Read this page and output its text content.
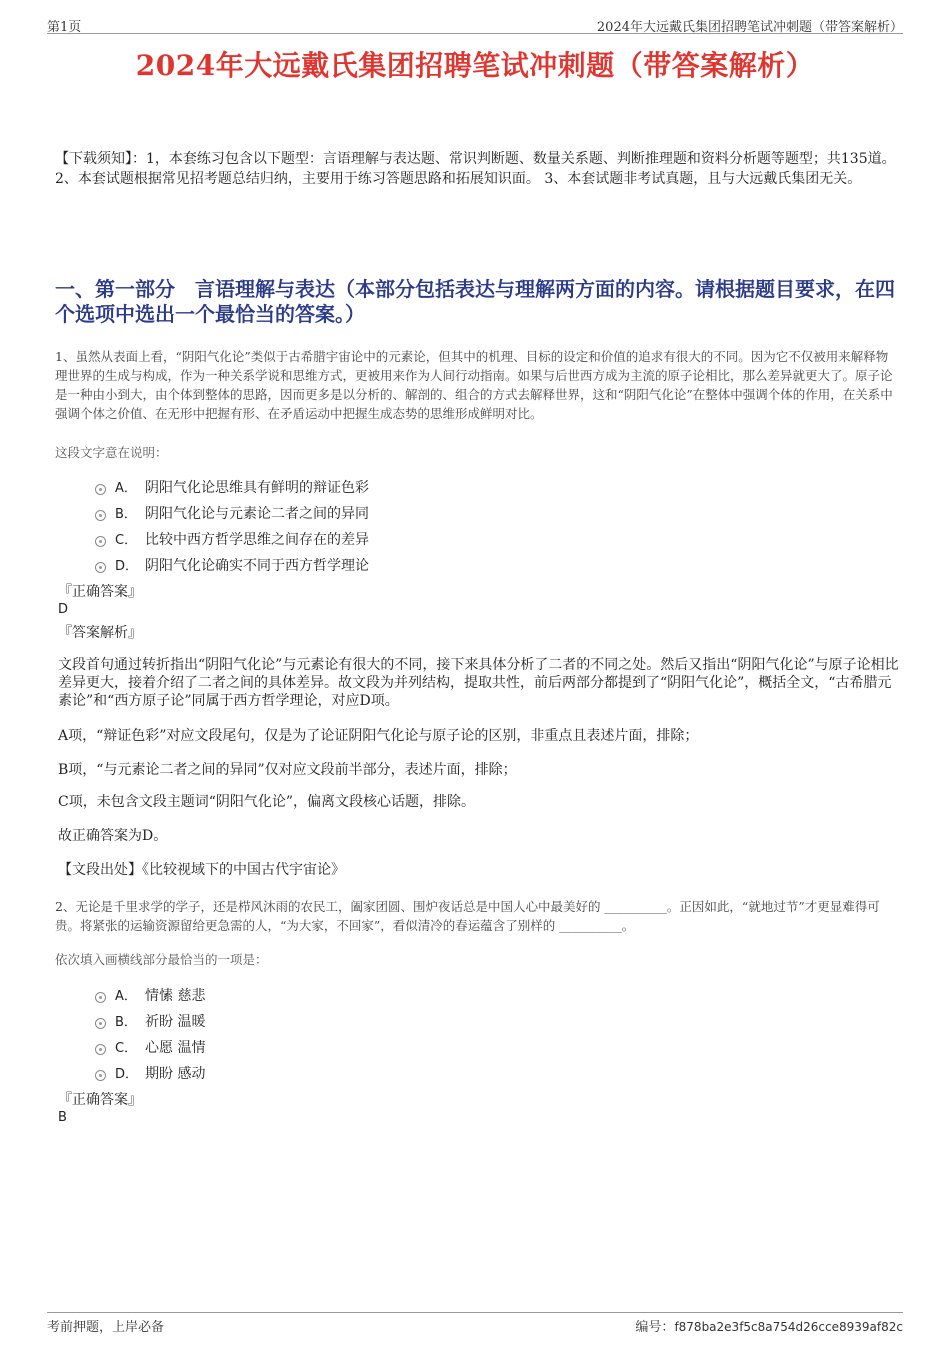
第1页	2024年大远戴氏集团招聘笔试冲刺题（带答案解析）
2024年大远戴氏集团招聘笔试冲刺题（带答案解析）

【下载须知】：1，本套练习包含以下题型：言语理解与表达题、常识判断题、数量关系题、判断推理题和资料分析题等题型；共135道。 2、本套试题根据常见招考题总结归纳，主要用于练习答题思路和拓展知识面。 3、本套试题非考试真题，且与大远戴氏集团无关。

一、第一部分　言语理解与表达（本部分包括表达与理解两方面的内容。请根据题目要求，在四个选项中选出一个最恰当的答案。）

1、虽然从表面上看，“阴阳气化论”类似于古希腊宇宙论中的元素论，但其中的机理、目标的设定和价值的追求有很大的不同。因为它不仅被用来解释物理世界的生成与构成，作为一种关系学说和思维方式，更被用来作为人间行动指南。如果与后世西方成为主流的原子论相比，那么差异就更大了。原子论是一种由小到大，由个体到整体的思路，因而更多是以分析的、解剖的、组合的方式去解释世界，这和“阴阳气化论”在整体中强调个体的作用，在关系中强调个体之价值、在无形中把握有形、在矛盾运动中把握生成态势的思维形成鲜明对比。

这段文字意在说明：

A． 阴阳气化论思维具有鲜明的辩证色彩
B． 阴阳气化论与元素论二者之间的异同
C． 比较中西方哲学思维之间存在的差异
D． 阴阳气化论确实不同于西方哲学理论
『正确答案』
D
『答案解析』

文段首句通过转折指出“阴阳气化论”与元素论有很大的不同，接下来具体分析了二者的不同之处。然后又指出“阴阳气化论”与原子论相比差异更大，接着介绍了二者之间的具体差异。故文段为并列结构，提取共性，前后两部分都提到了“阴阳气化论”，概括全文，“古希腊元素论”和“西方原子论”同属于西方哲学理论，对应D项。

A项，“辩证色彩”对应文段尾句，仅是为了论证阴阳气化论与原子论的区别，非重点且表述片面，排除；

B项，“与元素论二者之间的异同”仅对应文段前半部分，表述片面，排除；

C项，未包含文段主题词“阴阳气化论”，偏离文段核心话题，排除。

故正确答案为D。

【文段出处】《比较视域下的中国古代宇宙论》

2、无论是千里求学的学子，还是栉风沐雨的农民工，阖家团圆、围炉夜话总是中国人心中最美好的 __________。正因如此，“就地过节”才更显难得可贵。将紧张的运输资源留给更急需的人，“为大家，不回家”，看似清冷的春运蕴含了别样的 __________。

依次填入画横线部分最恰当的一项是：

A． 情愫 慈悲
B． 祈盼 温暖
C． 心愿 温情
D． 期盼 感动
『正确答案』
B
考前押题，上岸必备	编号：f878ba2e3f5c8a754d26cce8939af82c
